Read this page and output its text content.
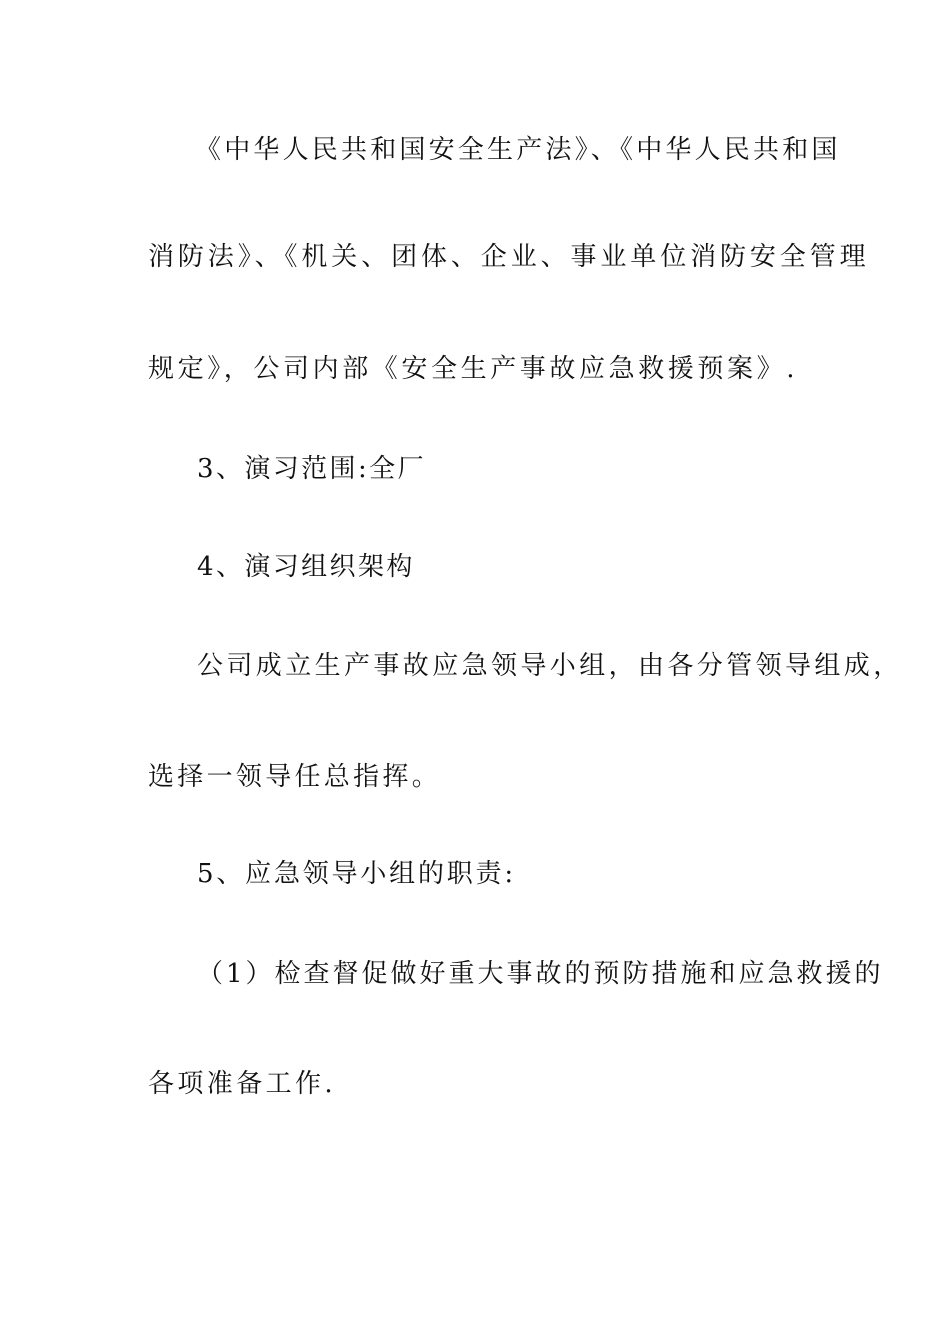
《中华人民共和国安全生产法》、《中华人民共和国
消防法》、《机关、团体、企业、事业单位消防安全管理
规定》，公司内部《安全生产事故应急救援预案》.
3、演习范围:全厂
4、演习组织架构
公司成立生产事故应急领导小组，由各分管领导组成，
选择一领导任总指挥。
5、应急领导小组的职责:
（1）检查督促做好重大事故的预防措施和应急救援的
各项准备工作.
